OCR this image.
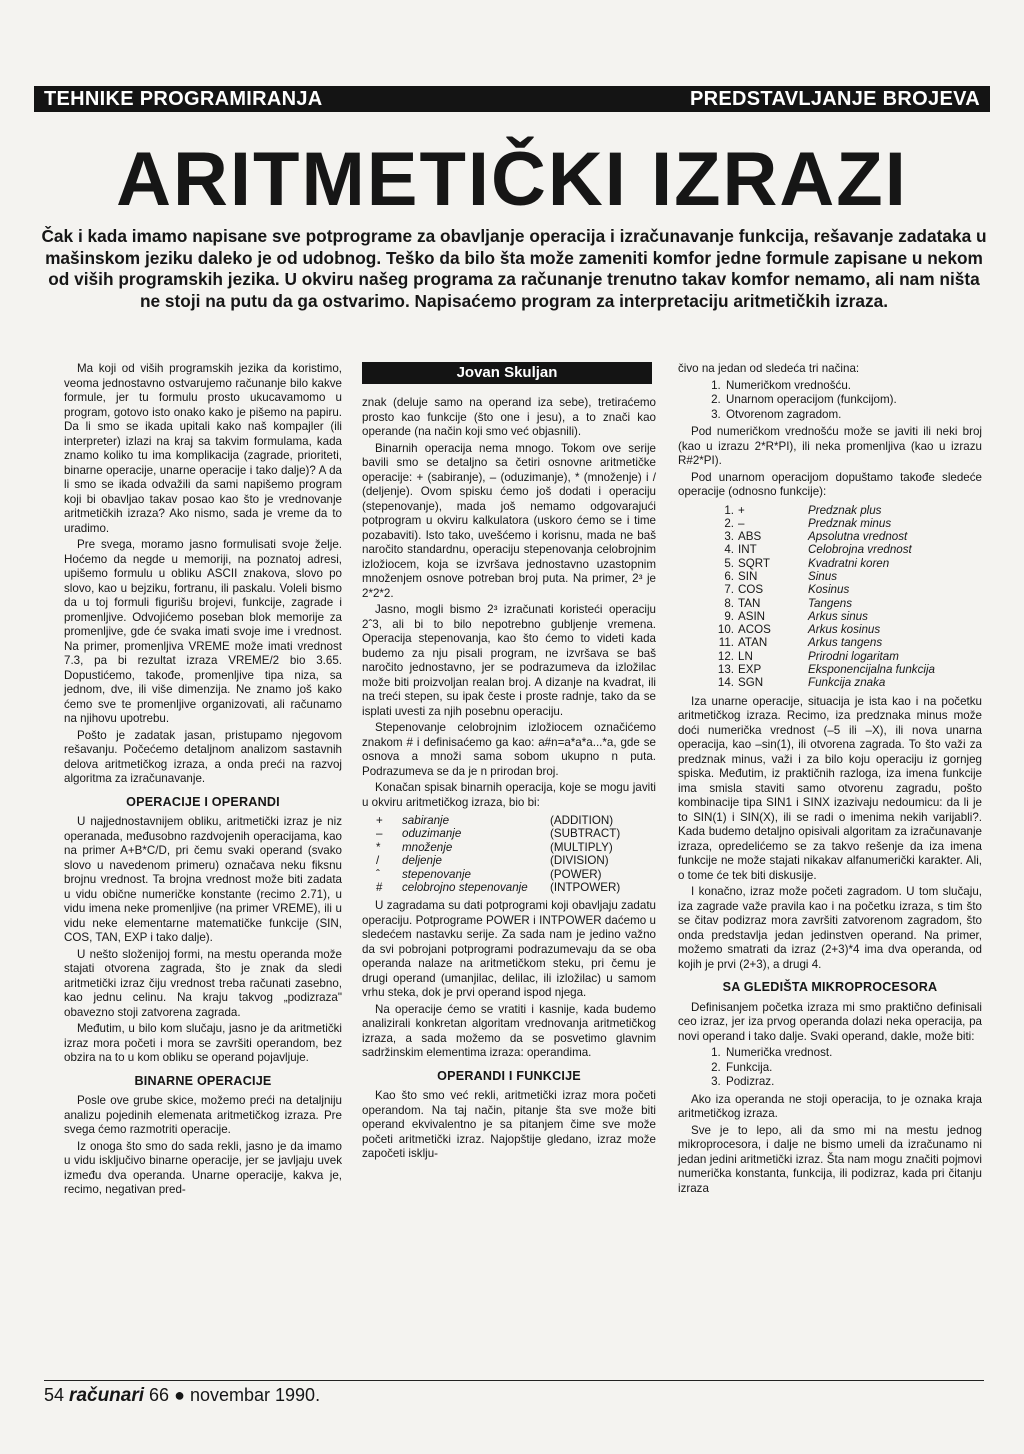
TEHNIKE PROGRAMIRANJA	PREDSTAVLJANJE BROJEVA
ARITMETIČKI IZRAZI
Čak i kada imamo napisane sve potprograme za obavljanje operacija i izračunavanje funkcija, rešavanje zadataka u mašinskom jeziku daleko je od udobnog. Teško da bilo šta može zameniti komfor jedne formule zapisane u nekom od viših programskih jezika. U okviru našeg programa za računanje trenutno takav komfor nemamo, ali nam ništa ne stoji na putu da ga ostvarimo. Napisaćemo program za interpretaciju aritmetičkih izraza.

Ma koji od viših programskih jezika da koristimo, veoma jednostavno ostvarujemo računanje bilo kakve formule, jer tu formulu prosto ukucavamomo u program, gotovo isto onako kako je pišemo na papiru. Da li smo se ikada upitali kako naš kompajler (ili interpreter) izlazi na kraj sa takvim formulama, kada znamo koliko tu ima komplikacija (zagrade, prioriteti, binarne operacije, unarne operacije i tako dalje)? A da li smo se ikada odvažili da sami napišemo program koji bi obavljao takav posao kao što je vrednovanje aritmetičkih izraza? Ako nismo, sada je vreme da to uradimo.

Pre svega, moramo jasno formulisati svoje želje. Hoćemo da negde u memoriji, na poznatoj adresi, upišemo formulu u obliku ASCII znakova, slovo po slovo, kao u bejziku, fortranu, ili paskalu. Voleli bismo da u toj formuli figurišu brojevi, funkcije, zagrade i promenljive. Odvojićemo poseban blok memorije za promenljive, gde će svaka imati svoje ime i vrednost. Na primer, promenljiva VREME može imati vrednost 7.3, pa bi rezultat izraza VREME/2 bio 3.65. Dopustićemo, takođe, promenljive tipa niza, sa jednom, dve, ili više dimenzija. Ne znamo još kako ćemo sve te promenljive organizovati, ali računamo na njihovu upotrebu.

Pošto je zadatak jasan, pristupamo njegovom rešavanju. Počećemo detaljnom analizom sastavnih delova aritmetičkog izraza, a onda preći na razvoj algoritma za izračunavanje.

OPERACIJE I OPERANDI

U najjednostavnijem obliku, aritmetički izraz je niz operanada, međusobno razdvojenih operacijama, kao na primer A+B*C/D, pri čemu svaki operand (svako slovo u navedenom primeru) označava neku fiksnu brojnu vrednost. Ta brojna vrednost može biti zadata u vidu obične numeričke konstante (recimo 2.71), u vidu imena neke promenljive (na primer VREME), ili u vidu neke elementarne matematičke funkcije (SIN, COS, TAN, EXP i tako dalje).

U nešto složenijoj formi, na mestu operanda može stajati otvorena zagrada, što je znak da sledi aritmetički izraz čiju vrednost treba računati zasebno, kao jednu celinu. Na kraju takvog „podizraza" obavezno stoji zatvorena zagrada.

Međutim, u bilo kom slučaju, jasno je da aritmetički izraz mora početi i mora se završiti operandom, bez obzira na to u kom obliku se operand pojavljuje.

BINARNE OPERACIJE

Posle ove grube skice, možemo preći na detaljniju analizu pojedinih elemenata aritmetičkog izraza. Pre svega ćemo razmotriti operacije.

Iz onoga što smo do sada rekli, jasno je da imamo u vidu isključivo binarne operacije, jer se javljaju uvek između dva operanda. Unarne operacije, kakva je, recimo, negativan pred-

Jovan Skuljan

znak (deluje samo na operand iza sebe), tretiraćemo prosto kao funkcije (što one i jesu), a to znači kao operande (na način koji smo već objasnili).

Binarnih operacija nema mnogo. Tokom ove serije bavili smo se detaljno sa četiri osnovne aritmetičke operacije: + (sabiranje), – (oduzimanje), * (množenje) i / (deljenje). Ovom spisku ćemo još dodati i operaciju (stepenovanje), mada još nemamo odgovarajući potprogram u okviru kalkulatora (uskoro ćemo se i time pozabaviti). Isto tako, uvešćemo i korisnu, mada ne baš naročito standardnu, operaciju stepenovanja celobrojnim izložiocem, koja se izvršava jednostavno uzastopnim množenjem osnove potreban broj puta. Na primer, 2³ je 2*2*2.

Jasno, mogli bismo 2³ izračunati koristeći operaciju 2ˆ3, ali bi to bilo nepotrebno gubljenje vremena. Operacija stepenovanja, kao što ćemo to videti kada budemo za nju pisali program, ne izvršava se baš naročito jednostavno, jer se podrazumeva da izložilac može biti proizvoljan realan broj. A dizanje na kvadrat, ili na treći stepen, su ipak česte i proste radnje, tako da se isplati uvesti za njih posebnu operaciju.

Stepenovanje celobrojnim izložiocem označićemo znakom # i definisaćemo ga kao: a#n=a*a*a...*a, gde se osnova a množi sama sobom ukupno n puta. Podrazumeva se da je n prirodan broj.

Konačan spisak binarnih operacija, koje se mogu javiti u okviru aritmetičkog izraza, bio bi:

+	sabiranje	(ADDITION)
–	oduzimanje	(SUBTRACT)
*	množenje	(MULTIPLY)
/	deljenje	(DIVISION)
ˆ	stepenovanje	(POWER)
#	celobrojno stepenovanje	(INTPOWER)

U zagradama su dati potprogrami koji obavljaju zadatu operaciju. Potprograme POWER i INTPOWER daćemo u sledećem nastavku serije. Za sada nam je jedino važno da svi pobrojani potprogrami podrazumevaju da se oba operanda nalaze na aritmetičkom steku, pri čemu je drugi operand (umanjilac, delilac, ili izložilac) u samom vrhu steka, dok je prvi operand ispod njega.

Na operacije ćemo se vratiti i kasnije, kada budemo analizirali konkretan algoritam vrednovanja aritmetičkog izraza, a sada možemo da se posvetimo glavnim sadržinskim elementima izraza: operandima.

OPERANDI I FUNKCIJE

Kao što smo već rekli, aritmetički izraz mora početi operandom. Na taj način, pitanje šta sve može biti operand ekvivalentno je sa pitanjem čime sve može početi aritmetički izraz. Najopštije gledano, izraz može započeti isklju-

čivo na jedan od sledeća tri načina:

1. Numeričkom vrednošću.
2. Unarnom operacijom (funkcijom).
3. Otvorenom zagradom.

Pod numeričkom vrednošću može se javiti ili neki broj (kao u izrazu 2*R*PI), ili neka promenljiva (kao u izrazu R#2*PI).

Pod unarnom operacijom dopuštamo takođe sledeće operacije (odnosno funkcije):

1.	+	Predznak plus
2.	–	Predznak minus
3.	ABS	Apsolutna vrednost
4.	INT	Celobrojna vrednost
5.	SQRT	Kvadratni koren
6.	SIN	Sinus
7.	COS	Kosinus
8.	TAN	Tangens
9.	ASIN	Arkus sinus
10.	ACOS	Arkus kosinus
11.	ATAN	Arkus tangens
12.	LN	Prirodni logaritam
13.	EXP	Eksponencijalna funkcija
14.	SGN	Funkcija znaka

Iza unarne operacije, situacija je ista kao i na početku aritmetičkog izraza. Recimo, iza predznaka minus može doći numerička vrednost (–5 ili –X), ili nova unarna operacija, kao –sin(1), ili otvorena zagrada. To što važi za predznak minus, važi i za bilo koju operaciju iz gornjeg spiska. Međutim, iz praktičnih razloga, iza imena funkcije ima smisla staviti samo otvorenu zagradu, pošto kombinacije tipa SIN1 i SINX izazivaju nedoumicu: da li je to SIN(1) i SIN(X), ili se radi o imenima nekih varijabli?. Kada budemo detaljno opisivali algoritam za izračunavanje izraza, opredelićemo se za takvo rešenje da iza imena funkcije ne može stajati nikakav alfanumerički karakter. Ali, o tome će tek biti diskusije.

I konačno, izraz može početi zagradom. U tom slučaju, iza zagrade važe pravila kao i na početku izraza, s tim što se čitav podizraz mora završiti zatvorenom zagradom, što onda predstavlja jedan jedinstven operand. Na primer, možemo smatrati da izraz (2+3)*4 ima dva operanda, od kojih je prvi (2+3), a drugi 4.

SA GLEDIŠTA MIKROPROCESORA

Definisanjem početka izraza mi smo praktično definisali ceo izraz, jer iza prvog operanda dolazi neka operacija, pa novi operand i tako dalje. Svaki operand, dakle, može biti:

1. Numerička vrednost.
2. Funkcija.
3. Podizraz.

Ako iza operanda ne stoji operacija, to je oznaka kraja aritmetičkog izraza.

Sve je to lepo, ali da smo mi na mestu jednog mikroprocesora, i dalje ne bismo umeli da izračunamo ni jedan jedini aritmetički izraz. Šta nam mogu značiti pojmovi numerička konstanta, funkcija, ili podizraz, kada pri čitanju izraza

54 računari 66 ● novembar 1990.
